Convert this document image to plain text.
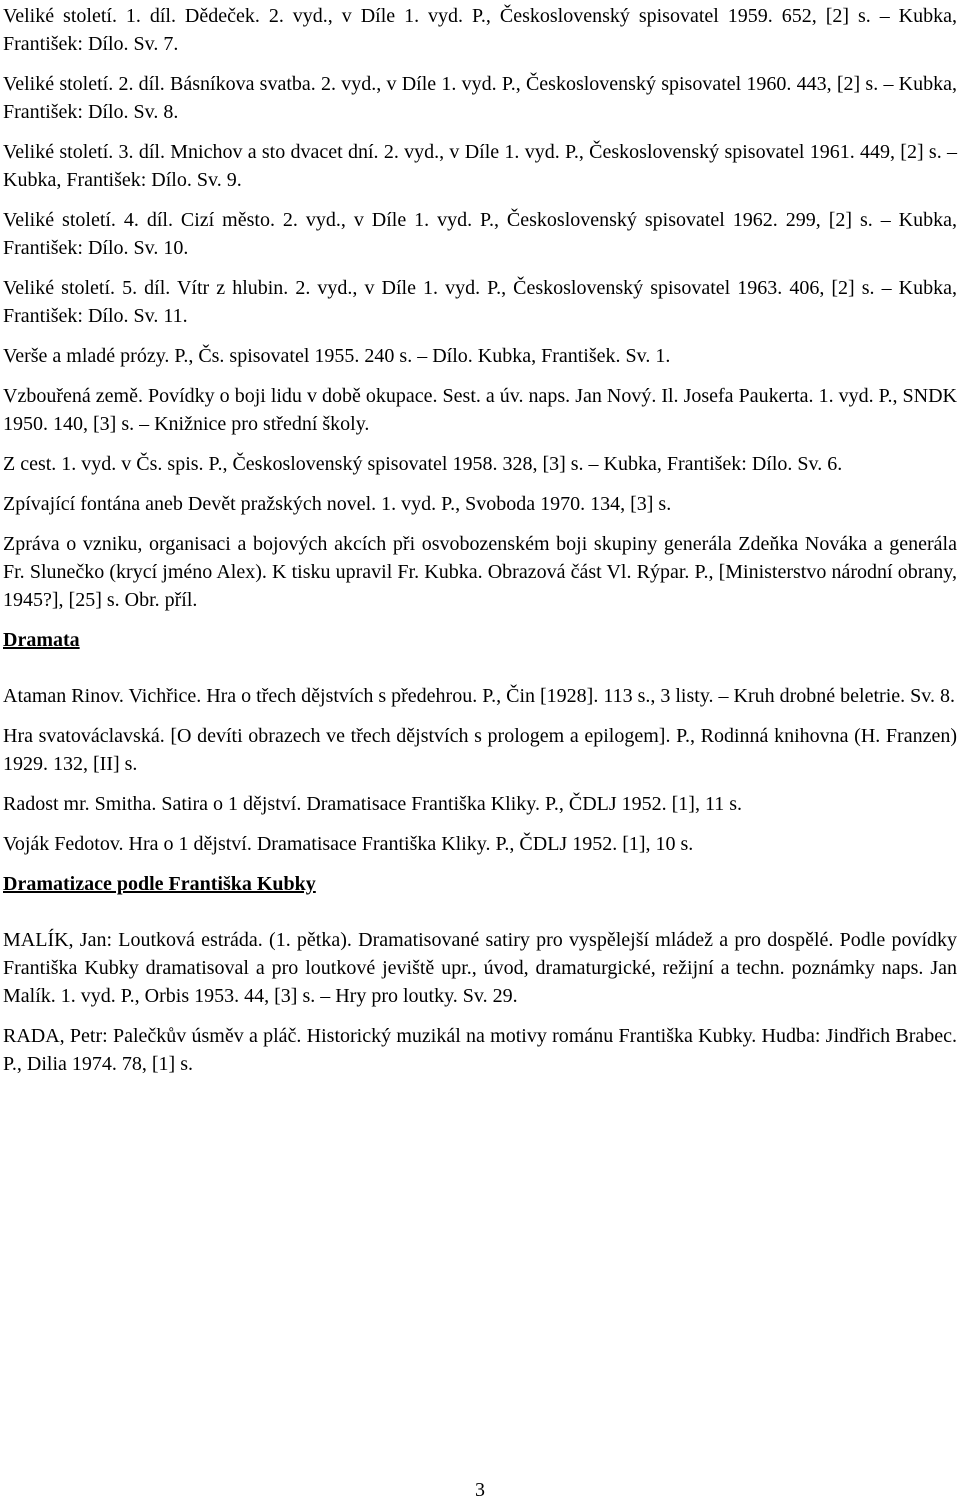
Veliké století. 1. díl. Dědeček. 2. vyd., v Díle 1. vyd. P., Československý spisovatel 1959. 652, [2] s. – Kubka, František: Dílo. Sv. 7.

Veliké století. 2. díl. Básníkova svatba. 2. vyd., v Díle 1. vyd. P., Československý spisovatel 1960. 443, [2] s. – Kubka, František: Dílo. Sv. 8.

Veliké století. 3. díl. Mnichov a sto dvacet dní. 2. vyd., v Díle 1. vyd. P., Československý spisovatel 1961. 449, [2] s. – Kubka, František: Dílo. Sv. 9.

Veliké století. 4. díl. Cizí město. 2. vyd., v Díle 1. vyd. P., Československý spisovatel 1962. 299, [2] s. – Kubka, František: Dílo. Sv. 10.

Veliké století. 5. díl. Vítr z hlubin. 2. vyd., v Díle 1. vyd. P., Československý spisovatel 1963. 406, [2] s. – Kubka, František: Dílo. Sv. 11.

Verše a mladé prózy. P., Čs. spisovatel 1955. 240 s. – Dílo. Kubka, František. Sv. 1.

Vzbouřená země. Povídky o boji lidu v době okupace. Sest. a úv. naps. Jan Nový. Il. Josefa Paukerta. 1. vyd. P., SNDK 1950. 140, [3] s. – Knižnice pro střední školy.

Z cest. 1. vyd. v Čs. spis. P., Československý spisovatel 1958. 328, [3] s. – Kubka, František: Dílo. Sv. 6.

Zpívající fontána aneb Devět pražských novel. 1. vyd. P., Svoboda 1970. 134, [3] s.

Zpráva o vzniku, organisaci a bojových akcích při osvobozenském boji skupiny generála Zdeňka Nováka a generála Fr. Slunečko (krycí jméno Alex). K tisku upravil Fr. Kubka. Obrazová část Vl. Rýpar. P., [Ministerstvo národní obrany, 1945?], [25] s. Obr. příl.

Dramata

Ataman Rinov. Vichřice. Hra o třech dějstvích s předehrou. P., Čin [1928]. 113 s., 3 listy. – Kruh drobné beletrie. Sv. 8.

Hra svatováclavská. [O devíti obrazech ve třech dějstvích s prologem a epilogem]. P., Rodinná knihovna (H. Franzen) 1929. 132, [II] s.

Radost mr. Smitha. Satira o 1 dějství. Dramatisace Františka Kliky. P., ČDLJ 1952. [1], 11 s.

Voják Fedotov. Hra o 1 dějství. Dramatisace Františka Kliky. P., ČDLJ 1952. [1], 10 s.

Dramatizace podle Františka Kubky

MALÍK, Jan: Loutková estráda. (1. pětka). Dramatisované satiry pro vyspělejší mládež a pro dospělé. Podle povídky Františka Kubky dramatisoval a pro loutkové jeviště upr., úvod, dramaturgické, režijní a techn. poznámky naps. Jan Malík. 1. vyd. P., Orbis 1953. 44, [3] s. – Hry pro loutky. Sv. 29.

RADA, Petr: Palečkův úsměv a pláč. Historický muzikál na motivy románu Františka Kubky. Hudba: Jindřich Brabec. P., Dilia 1974. 78, [1] s.

3
